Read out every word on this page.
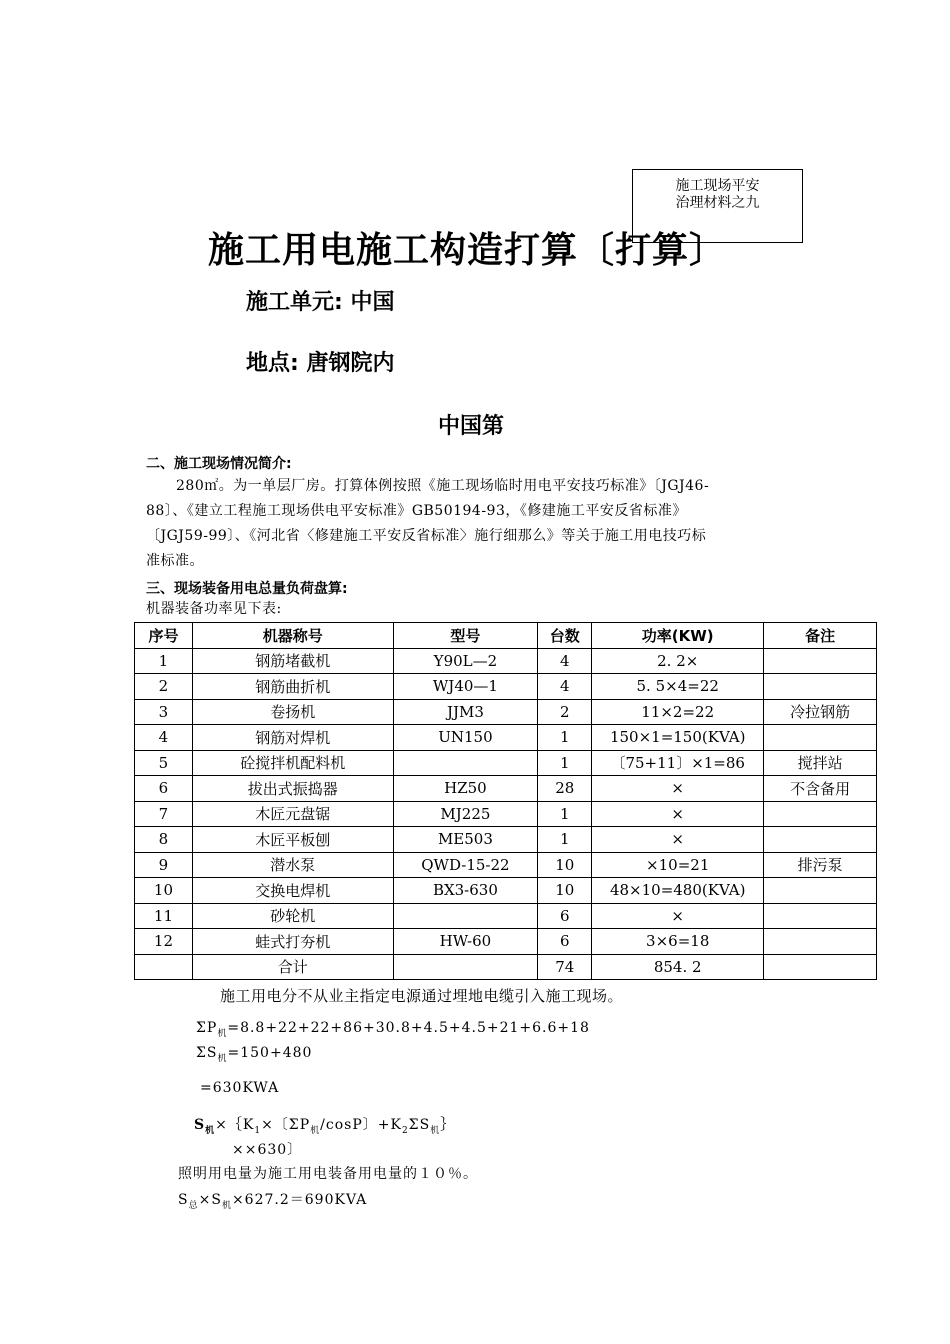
施工现场平安
治理材料之九
施工用电施工构造打算〔打算〕
施工单元: 中国
地点: 唐钢院内
中国第
二、施工现场情况简介:
280㎡。为一单层厂房。打算体例按照《施工现场临时用电平安技巧标准》〔JGJ46-
88〕、《建立工程施工现场供电平安标准》GB50194-93，《修建施工平安反省标准》
〔JGJ59-99〕、《河北省〈修建施工平安反省标准〉施行细那么》等关于施工用电技巧标
准标准。
三、现场装备用电总量负荷盘算:
机器装备功率见下表:
序号	机器称号	型号	台数	功率(KW)	备注
1	钢筋堵截机	Y90L—2	4	2. 2×	
2	钢筋曲折机	WJ40—1	4	5. 5×4=22	
3	卷扬机	JJM3	2	11×2=22	冷拉钢筋
4	钢筋对焊机	UN150	1	150×1=150(KVA)	
5	砼搅拌机配料机		1	〔75+11〕×1=86	搅拌站
6	拔出式振捣器	HZ50	28	×	不含备用
7	木匠元盘锯	MJ225	1	×	
8	木匠平板刨	ME503	1	×	
9	潜水泵	QWD-15-22	10	×10=21	排污泵
10	交换电焊机	BX3-630	10	48×10=480(KVA)	
11	砂轮机		6	×	
12	蛙式打夯机	HW-60	6	3×6=18	
	合计		74	854. 2	
施工用电分不从业主指定电源通过埋地电缆引入施工现场。
$\Sigma P_机=8.8+22+22+86+30.8+4.5+4.5+21+6.6+18$
$\Sigma S_机=150+480$
=630KWA
$S_机\times\{K_1\times$〔$\Sigma P_机$/cosP〕$+K_2\Sigma S_机\}$
××630〕
照明用电量为施工用电装备用电量的１０％。
$S_总\times S_机\times 627.2=690KVA$
